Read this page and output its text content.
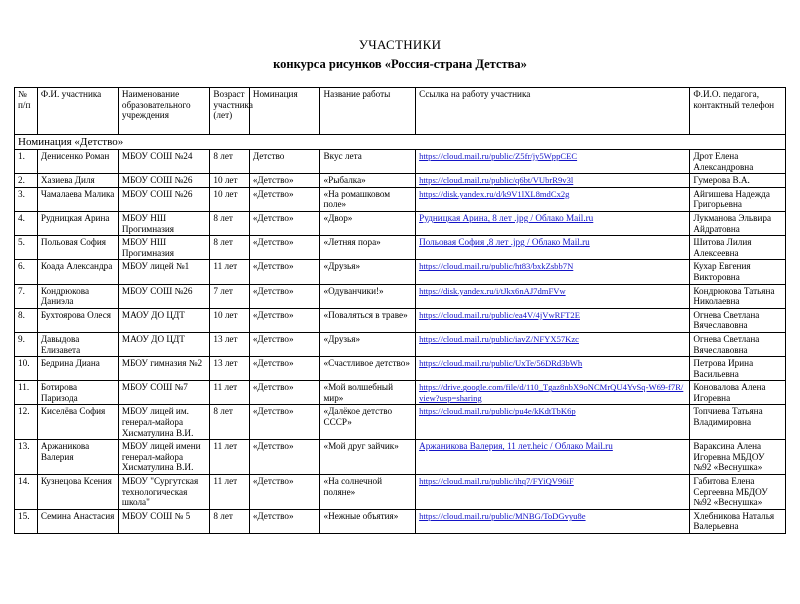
УЧАСТНИКИ
конкурса рисунков «Россия-страна Детства»
№ п/п	Ф.И. участника	Наименование образовательного учреждения	Возраст участника (лет)	Номинация	Название работы	Ссылка на работу участника	Ф.И.О. педагога, контактный телефон
Номинация «Детство»							
1.	Денисенко Роман	МБОУ СОШ №24	8 лет	Детство	Вкус лета	https://cloud.mail.ru/public/Z5fr/jy5WppCEC	Дрот Елена Александровна
2.	Хазиева Диля	МБОУ СОШ №26	10 лет	«Детство»	«Рыбалка»	https://cloud.mail.ru/public/q6bt/VUbrR9v3l	Гумерова В.А.
3.	Чамалаева Малика	МБОУ СОШ №26	10 лет	«Детство»	«На ромашковом поле»	https://disk.yandex.ru/d/k9V1lXL8mdCx2g	Айгишева Надежда Григорьевна
4.	Рудницкая Арина	МБОУ НШ Прогимназия	8 лет	«Детство»	«Двор»	Рудницкая Арина, 8 лет .jpg / Облако Mail.ru	Лукманова Эльвира Айдратовна
5.	Польовая София	МБОУ НШ Прогимназия	8 лет	«Детство»	«Летняя пора»	Польовая София ,8 лет .jpg / Облако Mail.ru	Шитова Лилия Алексеевна
6.	Коада Александра	МБОУ лицей №1	11 лет	«Детство»	«Друзья»	https://cloud.mail.ru/public/ht83/bxkZsbb7N	Кухар Евгения Викторовна
7.	Кондрюкова Даниэла	МБОУ СОШ №26	7 лет	«Детство»	«Одуванчики!»	https://disk.yandex.ru/i/tJkx6nAJ7dmFVw	Кондрюкова Татьяна Николаевна
8.	Бухтоярова Олеся	МАОУ ДО ЦДТ	10 лет	«Детство»	«Поваляться в траве»	https://cloud.mail.ru/public/ea4V/4jVwRFT2E	Огнева Светлана Вячеславовна
9.	Давыдова Елизавета	МАОУ ДО ЦДТ	13 лет	«Детство»	«Друзья»	https://cloud.mail.ru/public/iavZ/NFYX57Kzc	Огнева Светлана Вячеславовна
10.	Бедрина Диана	МБОУ гимназия №2	13 лет	«Детство»	«Счастливое детство»	https://cloud.mail.ru/public/UxTe/56DRd3bWh	Петрова Ирина Васильевна
11.	Ботирова Паризода	МБОУ СОШ №7	11 лет	«Детство»	«Мой волшебный мир»	https://drive.google.com/file/d/110_Tgaz8nbX9oNCMrQU4YvSq-W69-f7R/view?usp=sharing	Коновалова Алена Игоревна
12.	Киселёва София	МБОУ лицей им. генерал-майора Хисматулина В.И.	8 лет	«Детство»	«Далёкое детство СССР»	https://cloud.mail.ru/public/pu4e/kKdtTbK6p	Топчиева Татьяна Владимировна
13.	Аржаникова Валерия	МБОУ лицей имени генерал-майора Хисматулина В.И.	11 лет	«Детство»	«Мой друг зайчик»	Аржаникова Валерия, 11 лет.heic / Облако Mail.ru	Вараксина Алена Игоревна МБДОУ №92 «Веснушка»
14.	Кузнецова Ксения	МБОУ "Сургутская технологическая школа"	11 лет	«Детство»	«На солнечной поляне»	https://cloud.mail.ru/public/ihq7/FYiQV96iF	Габитова Елена Сергеевна МБДОУ №92 «Веснушка»
15.	Семина Анастасия	МБОУ СОШ № 5	8 лет	«Детство»	«Нежные объятия»	https://cloud.mail.ru/public/MNBG/ToDGvyu8e	Хлебникова Наталья Валерьевна
